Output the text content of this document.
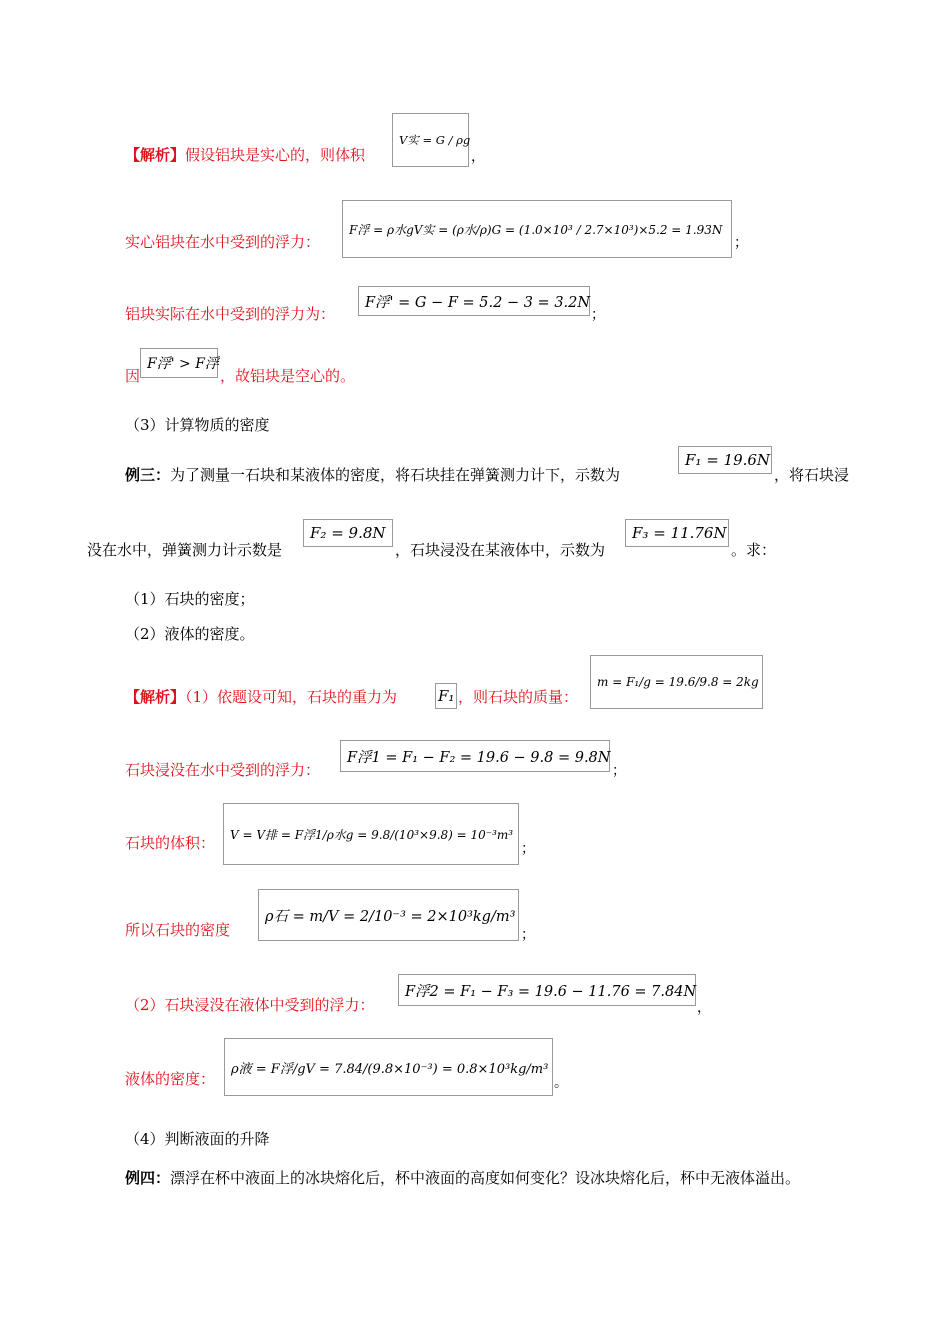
【解析】假设铝块是实心的，则体积
V实 = G / ρg
，
实心铝块在水中受到的浮力：
F浮 = ρ水gV实 = (ρ水/ρ)G = (1.0×10³ / 2.7×10³)×5.2 = 1.93N
；
铝块实际在水中受到的浮力为：
F浮' = G − F = 5.2 − 3 = 3.2N
；
因
F浮' > F浮
，故铝块是空心的。
（3）计算物质的密度
例三：为了测量一石块和某液体的密度，将石块挂在弹簧测力计下，示数为
F₁ = 19.6N
，将石块浸
没在水中，弹簧测力计示数是
F₂ = 9.8N
，石块浸没在某液体中，示数为
F₃ = 11.76N
。求：
（1）石块的密度；
（2）液体的密度。
【解析】（1）依题设可知，石块的重力为	F₁ ，则石块的质量：
m = F₁/g = 19.6/9.8 = 2kg
石块浸没在水中受到的浮力：
F浮1 = F₁ − F₂ = 19.6 − 9.8 = 9.8N
；
石块的体积： V = V排 = F浮1/ρ水g = 9.8/(10³×9.8) = 10⁻³m³
；
所以石块的密度
ρ石 = m/V = 2/10⁻³ = 2×10³kg/m³
；
（2）石块浸没在液体中受到的浮力：
F浮2 = F₁ − F₃ = 19.6 − 11.76 = 7.84N
，
液体的密度：
ρ液 = F浮/gV = 7.84/(9.8×10⁻³) = 0.8×10³kg/m³
。
（4）判断液面的升降
例四：漂浮在杯中液面上的冰块熔化后，杯中液面的高度如何变化？设冰块熔化后，杯中无液体溢出。
